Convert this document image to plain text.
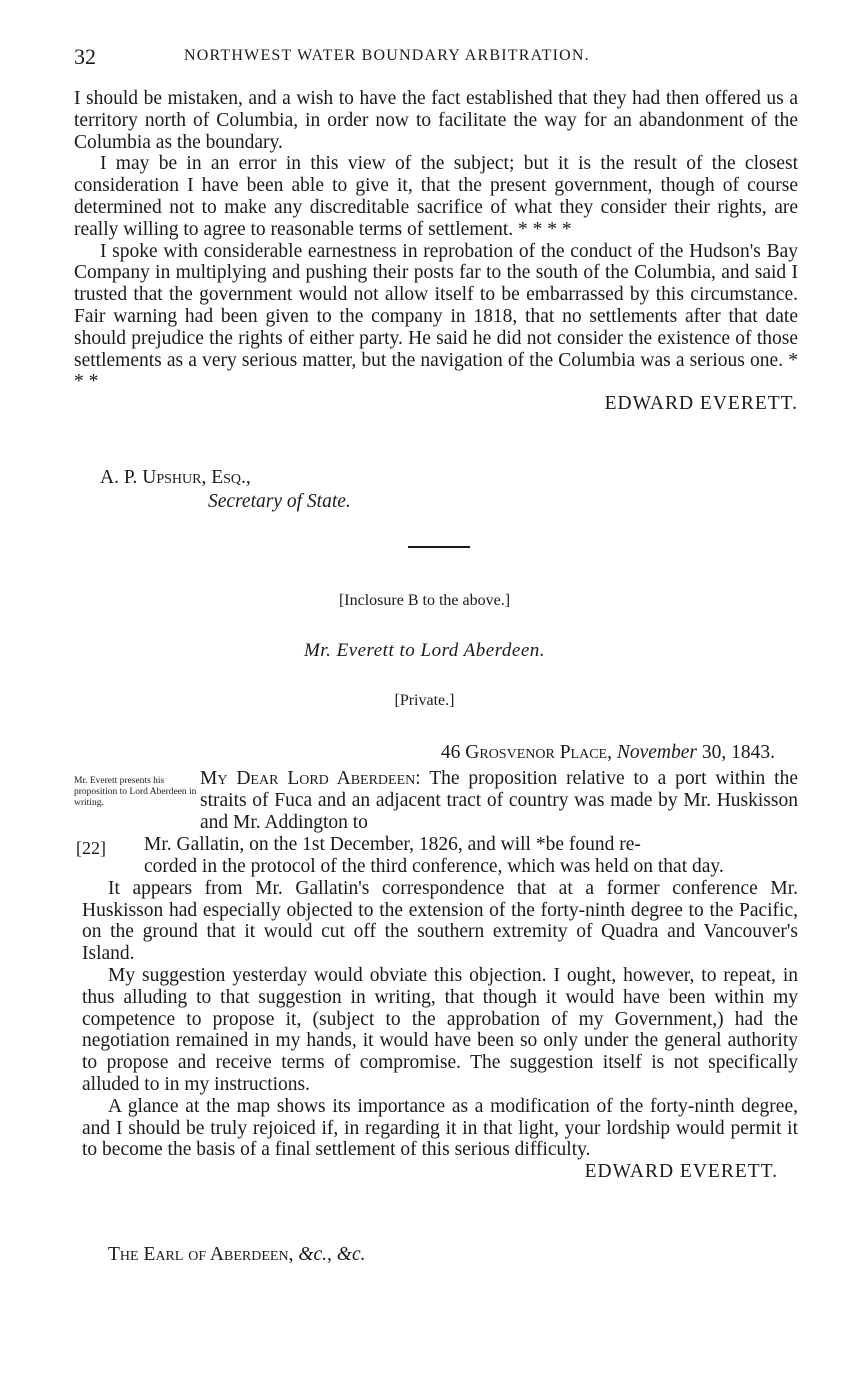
32	NORTHWEST WATER BOUNDARY ARBITRATION.

I should be mistaken, and a wish to have the fact established that they had then offered us a territory north of Columbia, in order now to facilitate the way for an abandonment of the Columbia as the boundary.

I may be in an error in this view of the subject; but it is the result of the closest consideration I have been able to give it, that the present government, though of course determined not to make any discreditable sacrifice of what they consider their rights, are really willing to agree to reasonable terms of settlement. * * * *

I spoke with considerable earnestness in reprobation of the conduct of the Hudson's Bay Company in multiplying and pushing their posts far to the south of the Columbia, and said I trusted that the government would not allow itself to be embarrassed by this circumstance. Fair warning had been given to the company in 1818, that no settlements after that date should prejudice the rights of either party. He said he did not consider the existence of those settlements as a very serious matter, but the navigation of the Columbia was a serious one. * * *

EDWARD EVERETT.

A. P. Upshur, Esq.,
Secretary of State.
[Inclosure B to the above.]
Mr. Everett to Lord Aberdeen.
[Private.]
46 Grosvenor Place, November 30, 1843.
Mr. Everett presents his proposition to Lord Aberdeen in writing.
[22]

My Dear Lord Aberdeen: The proposition relative to a port within the straits of Fuca and an adjacent tract of country was made by Mr. Huskisson and Mr. Addington to

Mr. Gallatin, on the 1st December, 1826, and will *be found re-

corded in the protocol of the third conference, which was held on that day.

It appears from Mr. Gallatin's correspondence that at a former conference Mr. Huskisson had especially objected to the extension of the forty-ninth degree to the Pacific, on the ground that it would cut off the southern extremity of Quadra and Vancouver's Island.

My suggestion yesterday would obviate this objection. I ought, however, to repeat, in thus alluding to that suggestion in writing, that though it would have been within my competence to propose it, (subject to the approbation of my Government,) had the negotiation remained in my hands, it would have been so only under the general authority to propose and receive terms of compromise. The suggestion itself is not specifically alluded to in my instructions.

A glance at the map shows its importance as a modification of the forty-ninth degree, and I should be truly rejoiced if, in regarding it in that light, your lordship would permit it to become the basis of a final settlement of this serious difficulty.

EDWARD EVERETT.

The Earl of Aberdeen, &c., &c.
